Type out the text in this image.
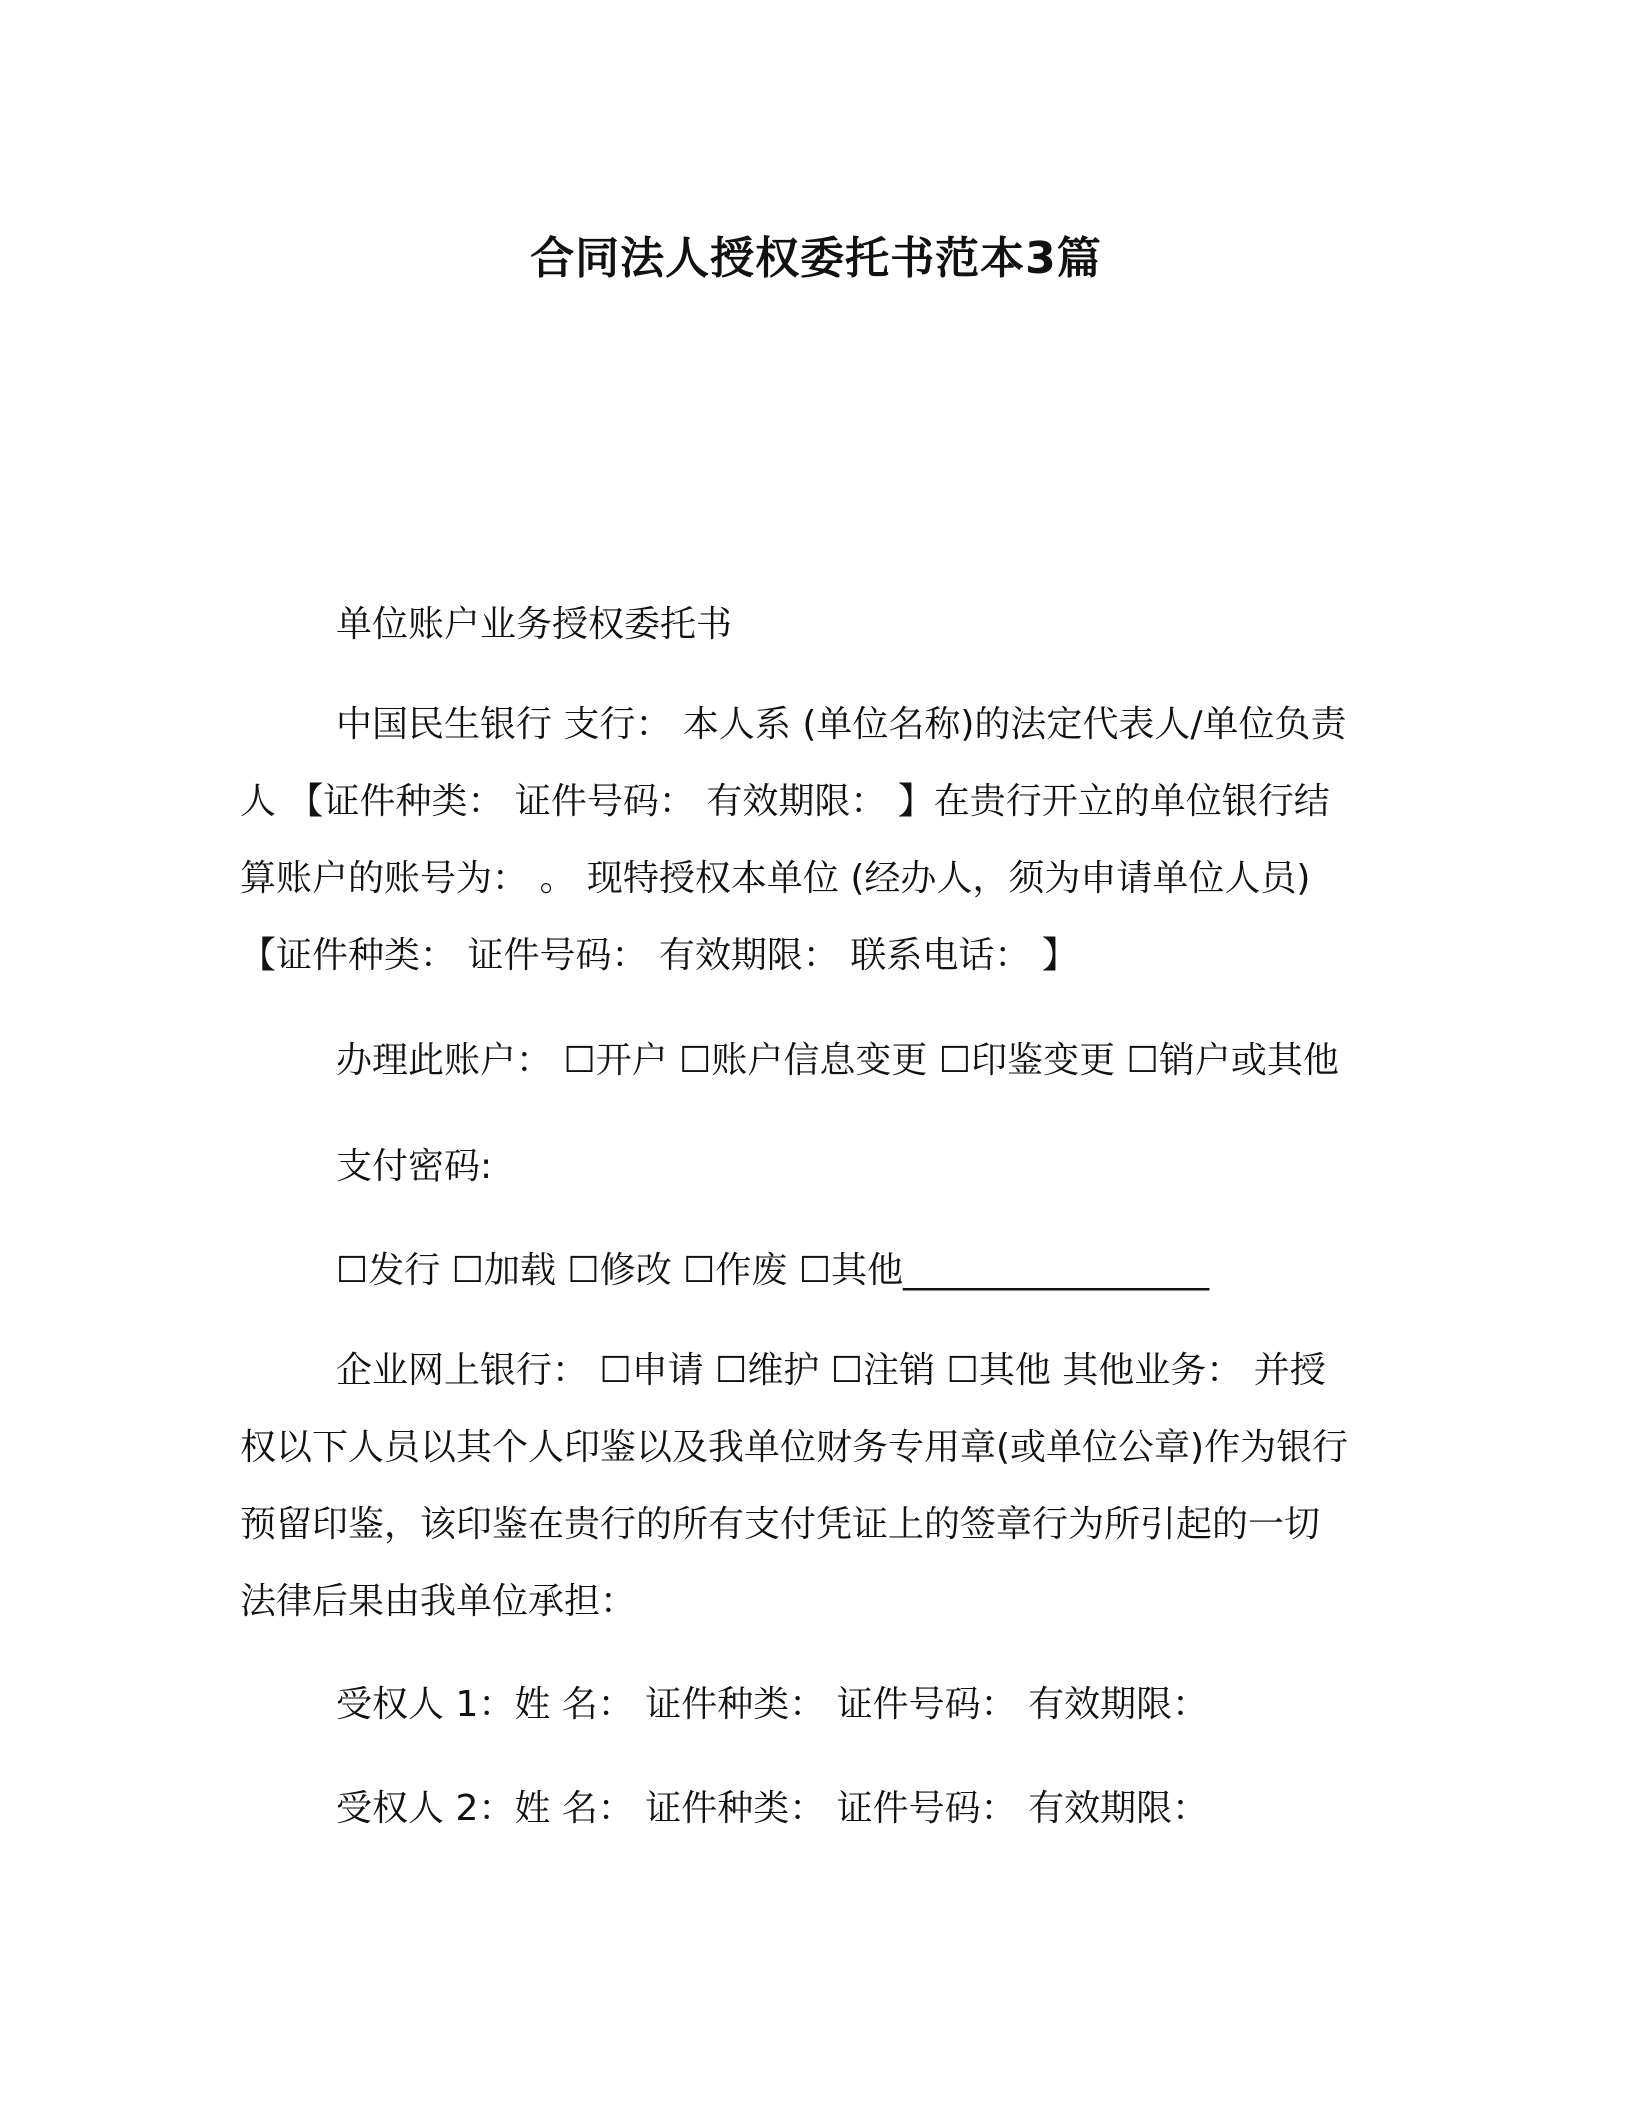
合同法人授权委托书范本3篇
单位账户业务授权委托书
中国民生银行 支行： 本人系 (单位名称)的法定代表人/单位负责
人 【证件种类： 证件号码： 有效期限： 】在贵行开立的单位银行结
算账户的账号为： 。 现特授权本单位 (经办人，须为申请单位人员)
【证件种类： 证件号码： 有效期限： 联系电话： 】
办理此账户： ☐开户 ☐账户信息变更 ☐印鉴变更 ☐销户或其他
支付密码:
☐发行 ☐加载 ☐修改 ☐作废 ☐其他_________________
企业网上银行： ☐申请 ☐维护 ☐注销 ☐其他 其他业务： 并授
权以下人员以其个人印鉴以及我单位财务专用章(或单位公章)作为银行
预留印鉴，该印鉴在贵行的所有支付凭证上的签章行为所引起的一切
法律后果由我单位承担：
受权人 1：姓 名： 证件种类： 证件号码： 有效期限：
受权人 2：姓 名： 证件种类： 证件号码： 有效期限：
